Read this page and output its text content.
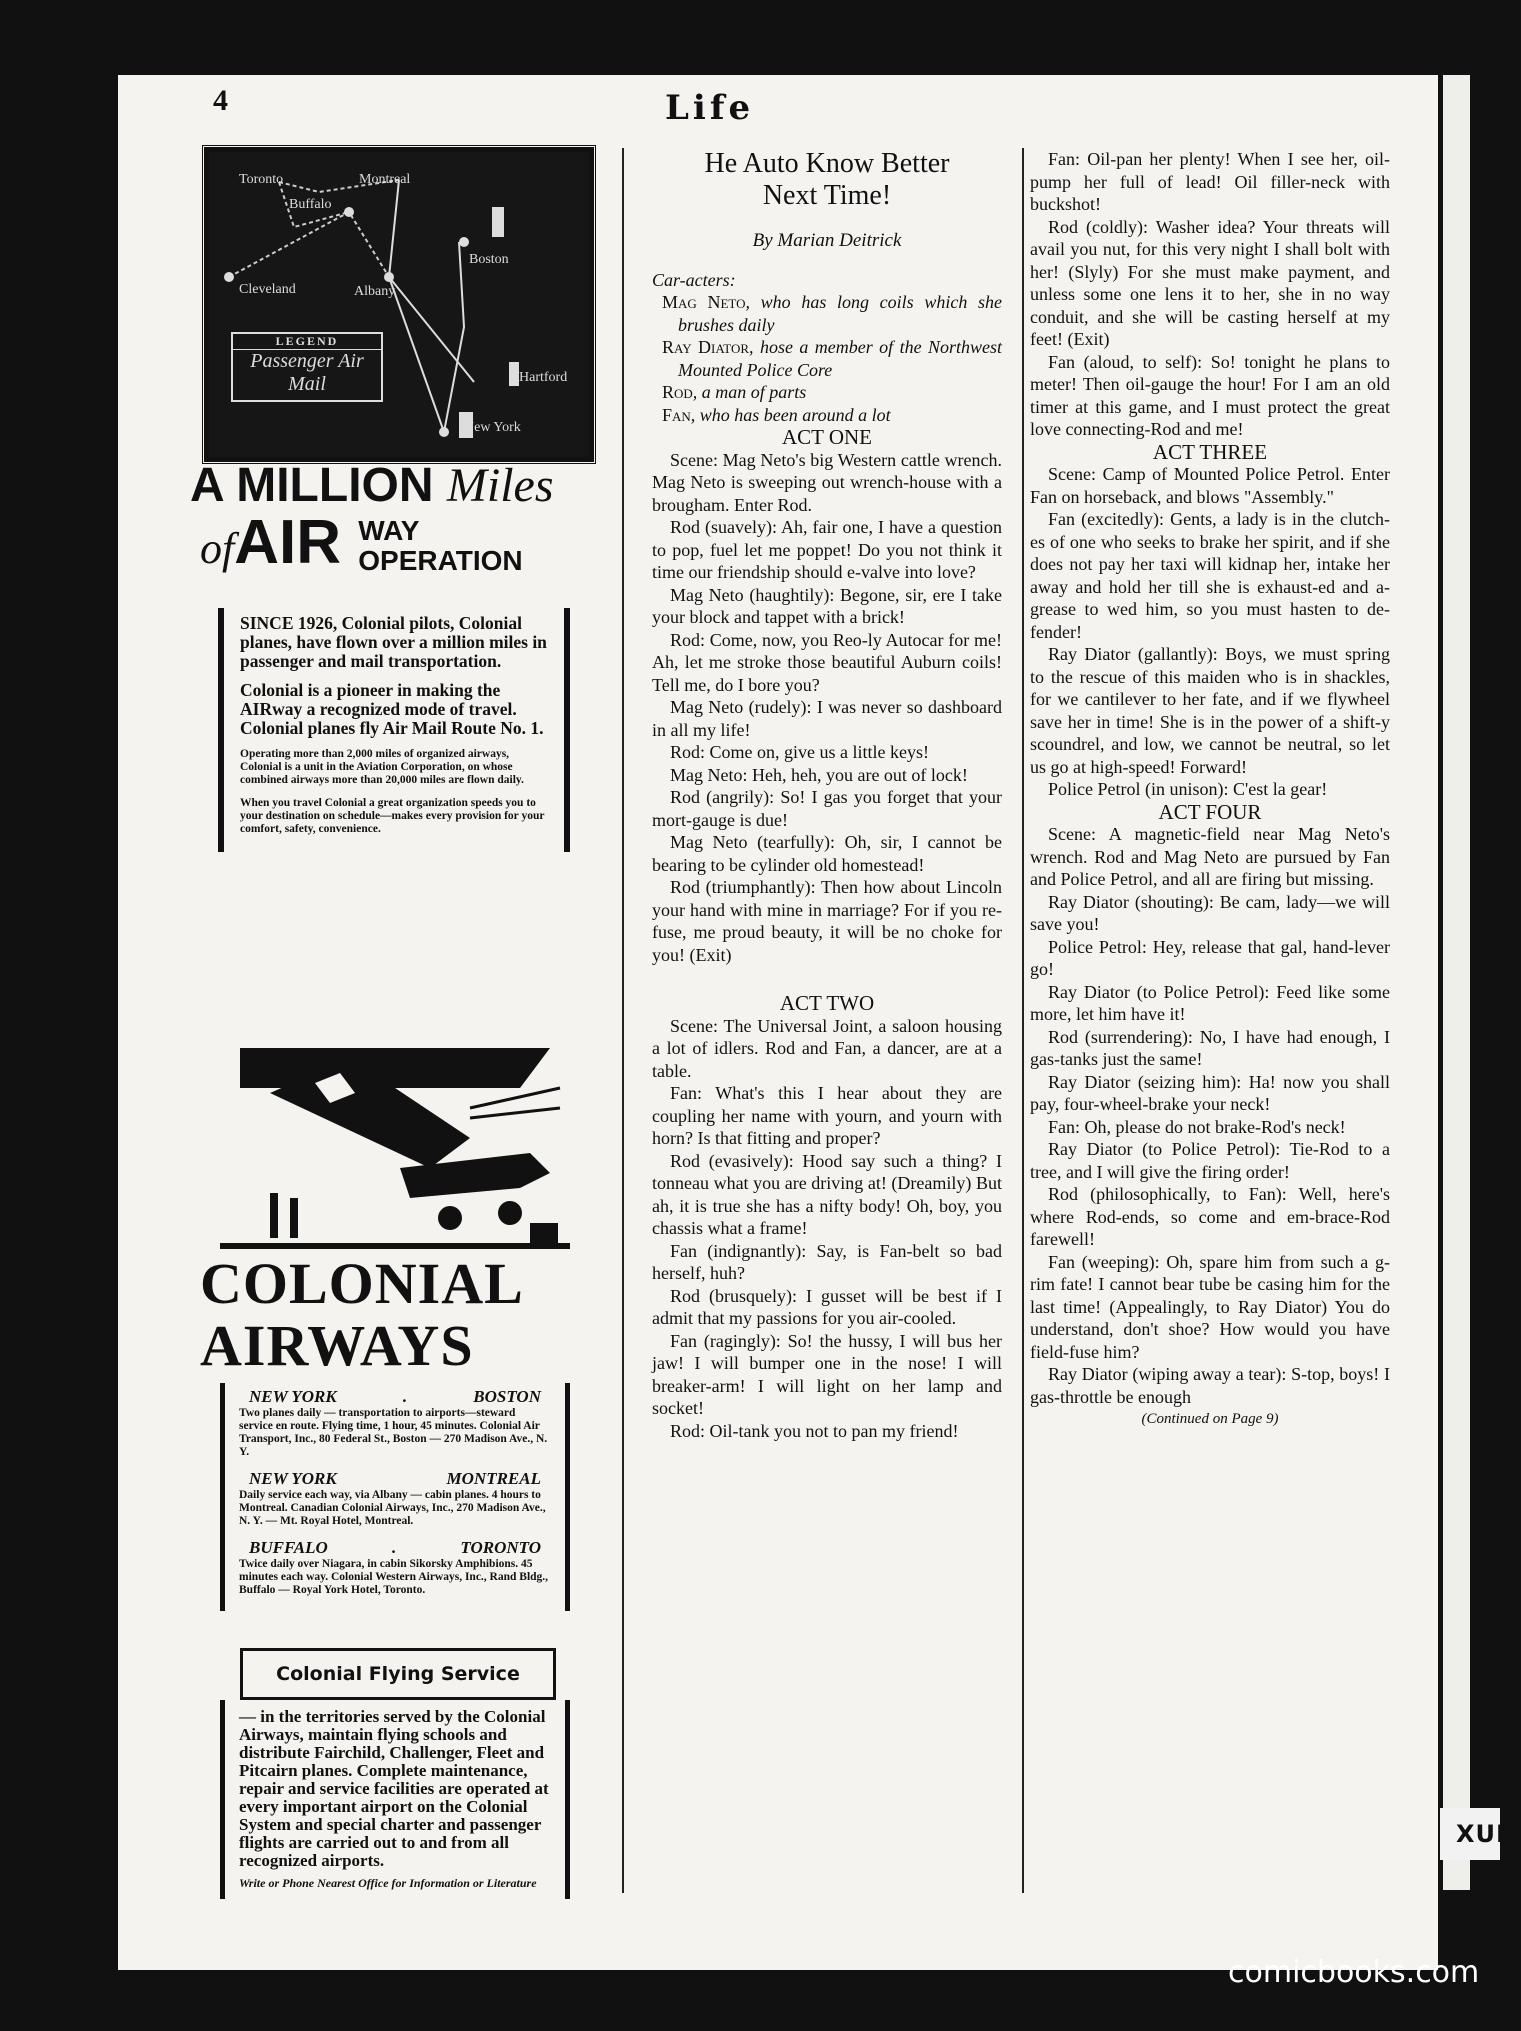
XUM
comicbooks.com
4	Life
Toronto
Buffalo
Montreal
Boston
Cleveland	Albany
Hartford
New York
LEGEND
Passenger Air Mail
A MILLION Miles
ofAIR WAY
OPERATION

SINCE 1926, Colonial pilots, Colonial planes, have flown over a million miles in passenger and mail transportation.

Colonial is a pioneer in making the AIRway a recognized mode of travel. Colonial planes fly Air Mail Route No. 1.

Operating more than 2,000 miles of organized airways, Colonial is a unit in the Aviation Corporation, on whose combined airways more than 20,000 miles are flown daily.

When you travel Colonial a great organization speeds you to your destination on schedule—makes every provision for your comfort, safety, convenience.

COLONIAL
AIRWAYS
NEW YORK	.	BOSTON
Two planes daily — transportation to airports—steward service en route. Flying time, 1 hour, 45 minutes. Colonial Air Transport, Inc., 80 Federal St., Boston — 270 Madison Ave., N. Y.
NEW YORK	MONTREAL
Daily service each way, via Albany — cabin planes. 4 hours to Montreal. Canadian Colonial Airways, Inc., 270 Madison Ave., N. Y. — Mt. Royal Hotel, Montreal.
BUFFALO	.	TORONTO
Twice daily over Niagara, in cabin Sikorsky Amphibions. 45 minutes each way. Colonial Western Airways, Inc., Rand Bldg., Buffalo — Royal York Hotel, Toronto.
Colonial Flying Service
— in the territories served by the Colonial Airways, maintain flying schools and distribute Fairchild, Challenger, Fleet and Pitcairn planes. Complete maintenance, repair and service facilities are operated at every important airport on the Colonial System and special charter and passenger flights are carried out to and from all recognized airports.
Write or Phone Nearest Office for Information or Literature
He Auto Know Better
Next Time!
By Marian Deitrick

Car-acters:

Mag Neto, who has long coils which she brushes daily

Ray Diator, hose a member of the Northwest Mounted Police Core

Rod, a man of parts

Fan, who has been around a lot

ACT ONE

Scene: Mag Neto's big Western cattle wrench. Mag Neto is sweeping out wrench-house with a brougham. Enter Rod.

Rod (suavely): Ah, fair one, I have a question to pop, fuel let me poppet! Do you not think it time our friendship should e-valve into love?

Mag Neto (haughtily): Begone, sir, ere I take your block and tappet with a brick!

Rod: Come, now, you Reo-ly Autocar for me! Ah, let me stroke those beautiful Auburn coils! Tell me, do I bore you?

Mag Neto (rudely): I was never so dashboard in all my life!

Rod: Come on, give us a little keys!

Mag Neto: Heh, heh, you are out of lock!

Rod (angrily): So! I gas you forget that your mort-gauge is due!

Mag Neto (tearfully): Oh, sir, I cannot be bearing to be cylinder old homestead!

Rod (triumphantly): Then how about Lincoln your hand with mine in marriage? For if you re-fuse, me proud beauty, it will be no choke for you! (Exit)

ACT TWO

Scene: The Universal Joint, a saloon housing a lot of idlers. Rod and Fan, a dancer, are at a table.

Fan: What's this I hear about they are coupling her name with yourn, and yourn with horn? Is that fitting and proper?

Rod (evasively): Hood say such a thing? I tonneau what you are driving at! (Dreamily) But ah, it is true she has a nifty body! Oh, boy, you chassis what a frame!

Fan (indignantly): Say, is Fan-belt so bad herself, huh?

Rod (brusquely): I gusset will be best if I admit that my passions for you air-cooled.

Fan (ragingly): So! the hussy, I will bus her jaw! I will bumper one in the nose! I will breaker-arm! I will light on her lamp and socket!

Rod: Oil-tank you not to pan my friend!

Fan: Oil-pan her plenty! When I see her, oil-pump her full of lead! Oil filler-neck with buckshot!

Rod (coldly): Washer idea? Your threats will avail you nut, for this very night I shall bolt with her! (Slyly) For she must make payment, and unless some one lens it to her, she in no way conduit, and she will be casting herself at my feet! (Exit)

Fan (aloud, to self): So! tonight he plans to meter! Then oil-gauge the hour! For I am an old timer at this game, and I must protect the great love connecting-Rod and me!

ACT THREE

Scene: Camp of Mounted Police Petrol. Enter Fan on horseback, and blows "Assembly."

Fan (excitedly): Gents, a lady is in the clutch-es of one who seeks to brake her spirit, and if she does not pay her taxi will kidnap her, intake her away and hold her till she is exhaust-ed and a-grease to wed him, so you must hasten to de-fender!

Ray Diator (gallantly): Boys, we must spring to the rescue of this maiden who is in shackles, for we cantilever to her fate, and if we flywheel save her in time! She is in the power of a shift-y scoundrel, and low, we cannot be neutral, so let us go at high-speed! Forward!

Police Petrol (in unison): C'est la gear!

ACT FOUR

Scene: A magnetic-field near Mag Neto's wrench. Rod and Mag Neto are pursued by Fan and Police Petrol, and all are firing but missing.

Ray Diator (shouting): Be cam, lady—we will save you!

Police Petrol: Hey, release that gal, hand-lever go!

Ray Diator (to Police Petrol): Feed like some more, let him have it!

Rod (surrendering): No, I have had enough, I gas-tanks just the same!

Ray Diator (seizing him): Ha! now you shall pay, four-wheel-brake your neck!

Fan: Oh, please do not brake-Rod's neck!

Ray Diator (to Police Petrol): Tie-Rod to a tree, and I will give the firing order!

Rod (philosophically, to Fan): Well, here's where Rod-ends, so come and em-brace-Rod farewell!

Fan (weeping): Oh, spare him from such a g-rim fate! I cannot bear tube be casing him for the last time! (Appealingly, to Ray Diator) You do understand, don't shoe? How would you have field-fuse him?

Ray Diator (wiping away a tear): S-top, boys! I gas-throttle be enough

(Continued on Page 9)
